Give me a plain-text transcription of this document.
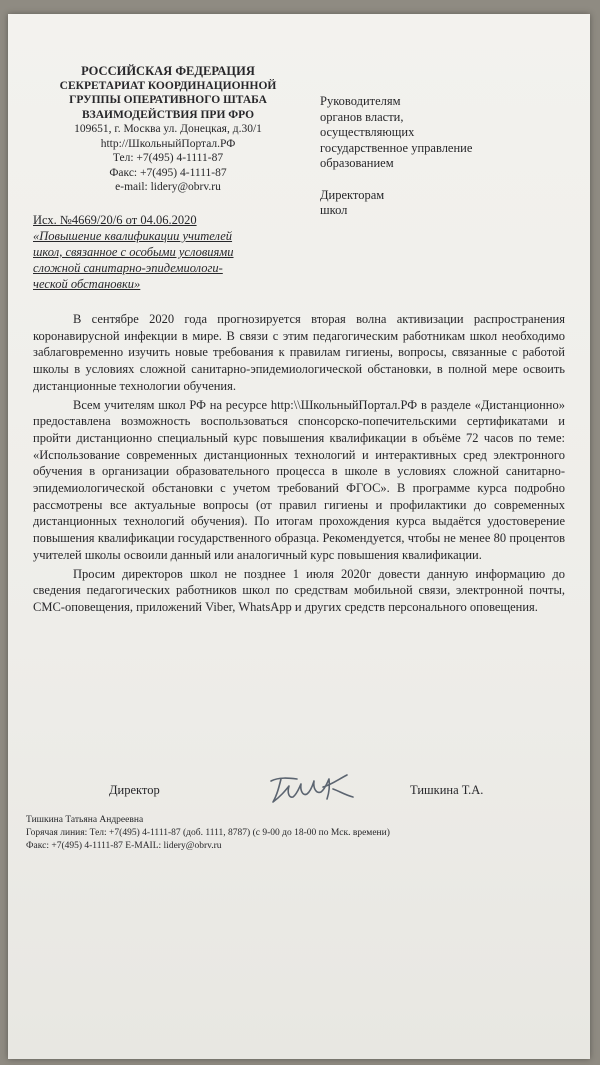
РОССИЙСКАЯ ФЕДЕРАЦИЯ
СЕКРЕТАРИАТ КООРДИНАЦИОННОЙ
ГРУППЫ ОПЕРАТИВНОГО ШТАБА
ВЗАИМОДЕЙСТВИЯ ПРИ ФРО
109651, г. Москва ул. Донецкая, д.30/1
http://ШкольныйПортал.РФ
Тел: +7(495) 4-1111-87
Факс: +7(495) 4-1111-87
e-mail: lidery@obrv.ru
Руководителям
органов власти,
осуществляющих
государственное управление
образованием
Директорам
школ
Исх. №4669/20/6 от 04.06.2020
«Повышение квалификации учителей
школ, связанное с особыми условиями
сложной санитарно-эпидемиологи-
ческой обстановки»

В сентябре 2020 года прогнозируется вторая волна активизации распространения коронавирусной инфекции в мире. В связи с этим педагогическим работникам школ необходимо заблаговременно изучить новые требования к правилам гигиены, вопросы, связанные с работой школы в условиях сложной санитарно-эпидемиологической обстановки, в полной мере освоить дистанционные технологии обучения.

Всем учителям школ РФ на ресурсе http:\\ШкольныйПортал.РФ в разделе «Дистанционно» предоставлена возможность воспользоваться спонсорско-попечительскими сертификатами и пройти дистанционно специальный курс повышения квалификации в объёме 72 часов по теме: «Использование современных дистанционных технологий и интерактивных сред электронного обучения в организации образовательного процесса в школе в условиях сложной санитарно-эпидемиологической обстановки с учетом требований ФГОС». В программе курса подробно рассмотрены все актуальные вопросы (от правил гигиены и профилактики до современных дистанционных технологий обучения). По итогам прохождения курса выдаётся удостоверение повышения квалификации государственного образца. Рекомендуется, чтобы не менее 80 процентов учителей школы освоили данный или аналогичный курс повышения квалификации.

Просим директоров школ не позднее 1 июля 2020г довести данную информацию до сведения педагогических работников школ по средствам мобильной связи, электронной почты, СМС-оповещения, приложений Viber, WhatsApp и других средств персонального оповещения.

Директор	Тишкина Т.А.
Тишкина Татьяна Андреевна
Горячая линия: Тел: +7(495) 4-1111-87 (доб. 1111, 8787) (с 9-00 до 18-00 по Мск. времени)
Факс: +7(495) 4-1111-87 E-MAIL: lidery@obrv.ru
